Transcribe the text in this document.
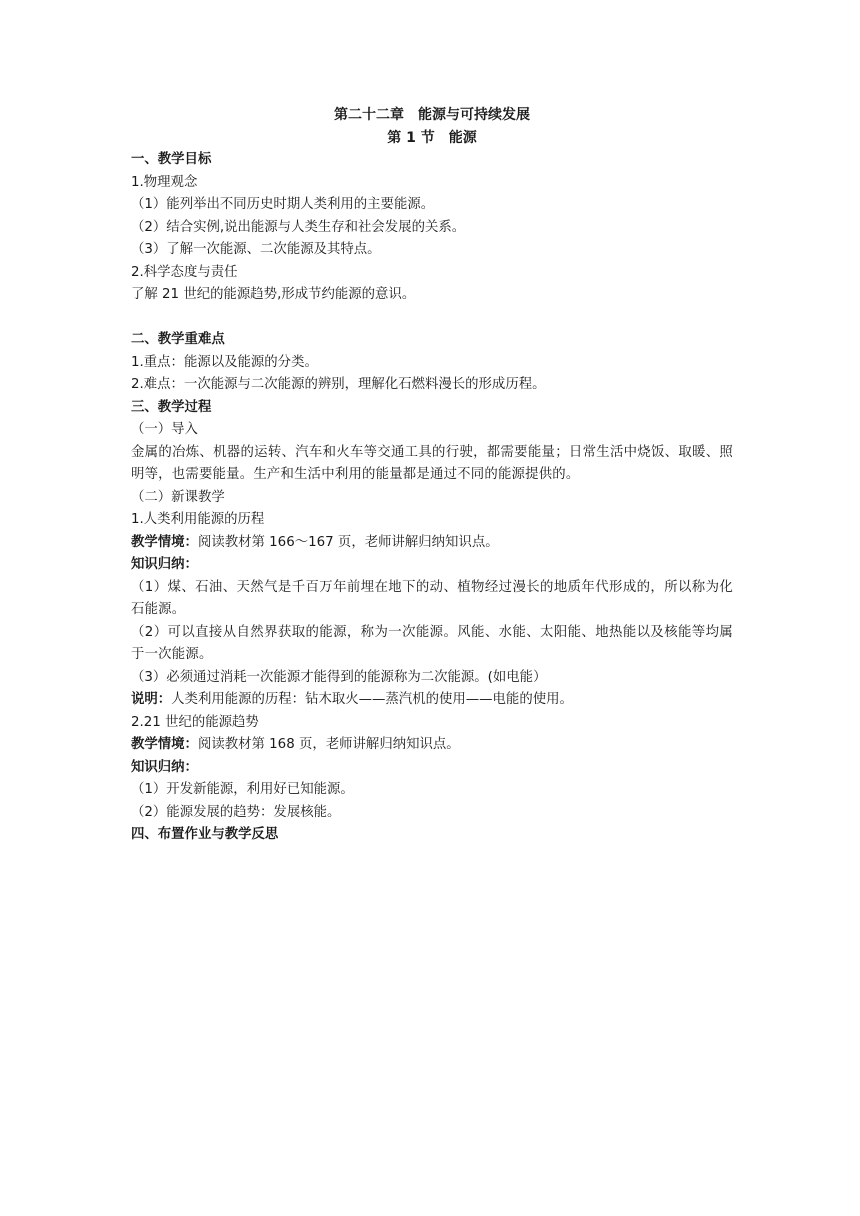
第二十二章　能源与可持续发展

第 1 节　能源

一、教学目标

1.物理观念

（1）能列举出不同历史时期人类利用的主要能源。

（2）结合实例,说出能源与人类生存和社会发展的关系。

（3）了解一次能源、二次能源及其特点。

2.科学态度与责任

了解 21 世纪的能源趋势,形成节约能源的意识。

二、教学重难点

1.重点：能源以及能源的分类。

2.难点：一次能源与二次能源的辨别，理解化石燃料漫长的形成历程。

三、教学过程

（一）导入

金属的冶炼、机器的运转、汽车和火车等交通工具的行驶，都需要能量；日常生活中烧饭、取暖、照明等，也需要能量。生产和生活中利用的能量都是通过不同的能源提供的。

（二）新课教学

1.人类利用能源的历程

教学情境：阅读教材第 166～167 页，老师讲解归纳知识点。

知识归纳：

（1）煤、石油、天然气是千百万年前埋在地下的动、植物经过漫长的地质年代形成的，所以称为化石能源。

（2）可以直接从自然界获取的能源，称为一次能源。风能、水能、太阳能、地热能以及核能等均属于一次能源。

（3）必须通过消耗一次能源才能得到的能源称为二次能源。(如电能）

说明：人类利用能源的历程：钻木取火——蒸汽机的使用——电能的使用。

2.21 世纪的能源趋势

教学情境：阅读教材第 168 页，老师讲解归纳知识点。

知识归纳：

（1）开发新能源，利用好已知能源。

（2）能源发展的趋势：发展核能。

四、布置作业与教学反思
